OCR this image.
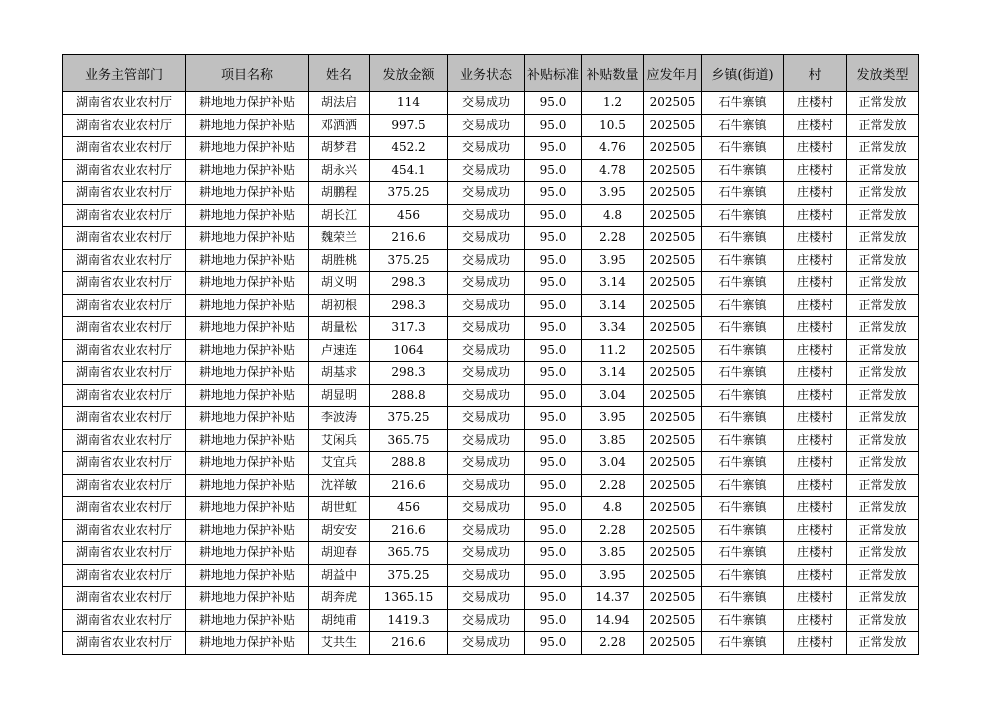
业务主管部门	项目名称	姓名	发放金额	业务状态	补贴标准	补贴数量	应发年月	乡镇(街道)	村	发放类型
湖南省农业农村厅	耕地地力保护补贴	胡法启	114	交易成功	95.0	1.2	202505	石牛寨镇	庄楼村	正常发放
湖南省农业农村厅	耕地地力保护补贴	邓洒洒	997.5	交易成功	95.0	10.5	202505	石牛寨镇	庄楼村	正常发放
湖南省农业农村厅	耕地地力保护补贴	胡梦君	452.2	交易成功	95.0	4.76	202505	石牛寨镇	庄楼村	正常发放
湖南省农业农村厅	耕地地力保护补贴	胡永兴	454.1	交易成功	95.0	4.78	202505	石牛寨镇	庄楼村	正常发放
湖南省农业农村厅	耕地地力保护补贴	胡鹏程	375.25	交易成功	95.0	3.95	202505	石牛寨镇	庄楼村	正常发放
湖南省农业农村厅	耕地地力保护补贴	胡长江	456	交易成功	95.0	4.8	202505	石牛寨镇	庄楼村	正常发放
湖南省农业农村厅	耕地地力保护补贴	魏荣兰	216.6	交易成功	95.0	2.28	202505	石牛寨镇	庄楼村	正常发放
湖南省农业农村厅	耕地地力保护补贴	胡胜桃	375.25	交易成功	95.0	3.95	202505	石牛寨镇	庄楼村	正常发放
湖南省农业农村厅	耕地地力保护补贴	胡义明	298.3	交易成功	95.0	3.14	202505	石牛寨镇	庄楼村	正常发放
湖南省农业农村厅	耕地地力保护补贴	胡初根	298.3	交易成功	95.0	3.14	202505	石牛寨镇	庄楼村	正常发放
湖南省农业农村厅	耕地地力保护补贴	胡量松	317.3	交易成功	95.0	3.34	202505	石牛寨镇	庄楼村	正常发放
湖南省农业农村厅	耕地地力保护补贴	卢速连	1064	交易成功	95.0	11.2	202505	石牛寨镇	庄楼村	正常发放
湖南省农业农村厅	耕地地力保护补贴	胡基求	298.3	交易成功	95.0	3.14	202505	石牛寨镇	庄楼村	正常发放
湖南省农业农村厅	耕地地力保护补贴	胡显明	288.8	交易成功	95.0	3.04	202505	石牛寨镇	庄楼村	正常发放
湖南省农业农村厅	耕地地力保护补贴	李波涛	375.25	交易成功	95.0	3.95	202505	石牛寨镇	庄楼村	正常发放
湖南省农业农村厅	耕地地力保护补贴	艾闲兵	365.75	交易成功	95.0	3.85	202505	石牛寨镇	庄楼村	正常发放
湖南省农业农村厅	耕地地力保护补贴	艾宜兵	288.8	交易成功	95.0	3.04	202505	石牛寨镇	庄楼村	正常发放
湖南省农业农村厅	耕地地力保护补贴	沈祥敏	216.6	交易成功	95.0	2.28	202505	石牛寨镇	庄楼村	正常发放
湖南省农业农村厅	耕地地力保护补贴	胡世虹	456	交易成功	95.0	4.8	202505	石牛寨镇	庄楼村	正常发放
湖南省农业农村厅	耕地地力保护补贴	胡安安	216.6	交易成功	95.0	2.28	202505	石牛寨镇	庄楼村	正常发放
湖南省农业农村厅	耕地地力保护补贴	胡迎春	365.75	交易成功	95.0	3.85	202505	石牛寨镇	庄楼村	正常发放
湖南省农业农村厅	耕地地力保护补贴	胡益中	375.25	交易成功	95.0	3.95	202505	石牛寨镇	庄楼村	正常发放
湖南省农业农村厅	耕地地力保护补贴	胡奔虎	1365.15	交易成功	95.0	14.37	202505	石牛寨镇	庄楼村	正常发放
湖南省农业农村厅	耕地地力保护补贴	胡纯甫	1419.3	交易成功	95.0	14.94	202505	石牛寨镇	庄楼村	正常发放
湖南省农业农村厅	耕地地力保护补贴	艾共生	216.6	交易成功	95.0	2.28	202505	石牛寨镇	庄楼村	正常发放
